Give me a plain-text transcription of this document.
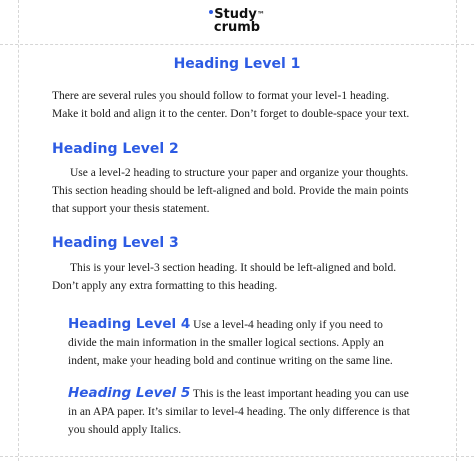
Study™
crumb
Heading Level 1

There are several rules you should follow to format your level-1 heading. Make it bold and align it to the center. Don’t forget to double-space your text.

Heading Level 2

Use a level-2 heading to structure your paper and organize your thoughts. This section heading should be left-aligned and bold. Provide the main points that support your thesis statement.

Heading Level 3

This is your level-3 section heading. It should be left-aligned and bold. Don’t apply any extra formatting to this heading.

Heading Level 4 Use a level-4 heading only if you need to divide the main information in the smaller logical sections. Apply an indent, make your heading bold and continue writing on the same line.

Heading Level 5 This is the least important heading you can use in an APA paper. It’s similar to level-4 heading. The only difference is that you should apply Italics.
